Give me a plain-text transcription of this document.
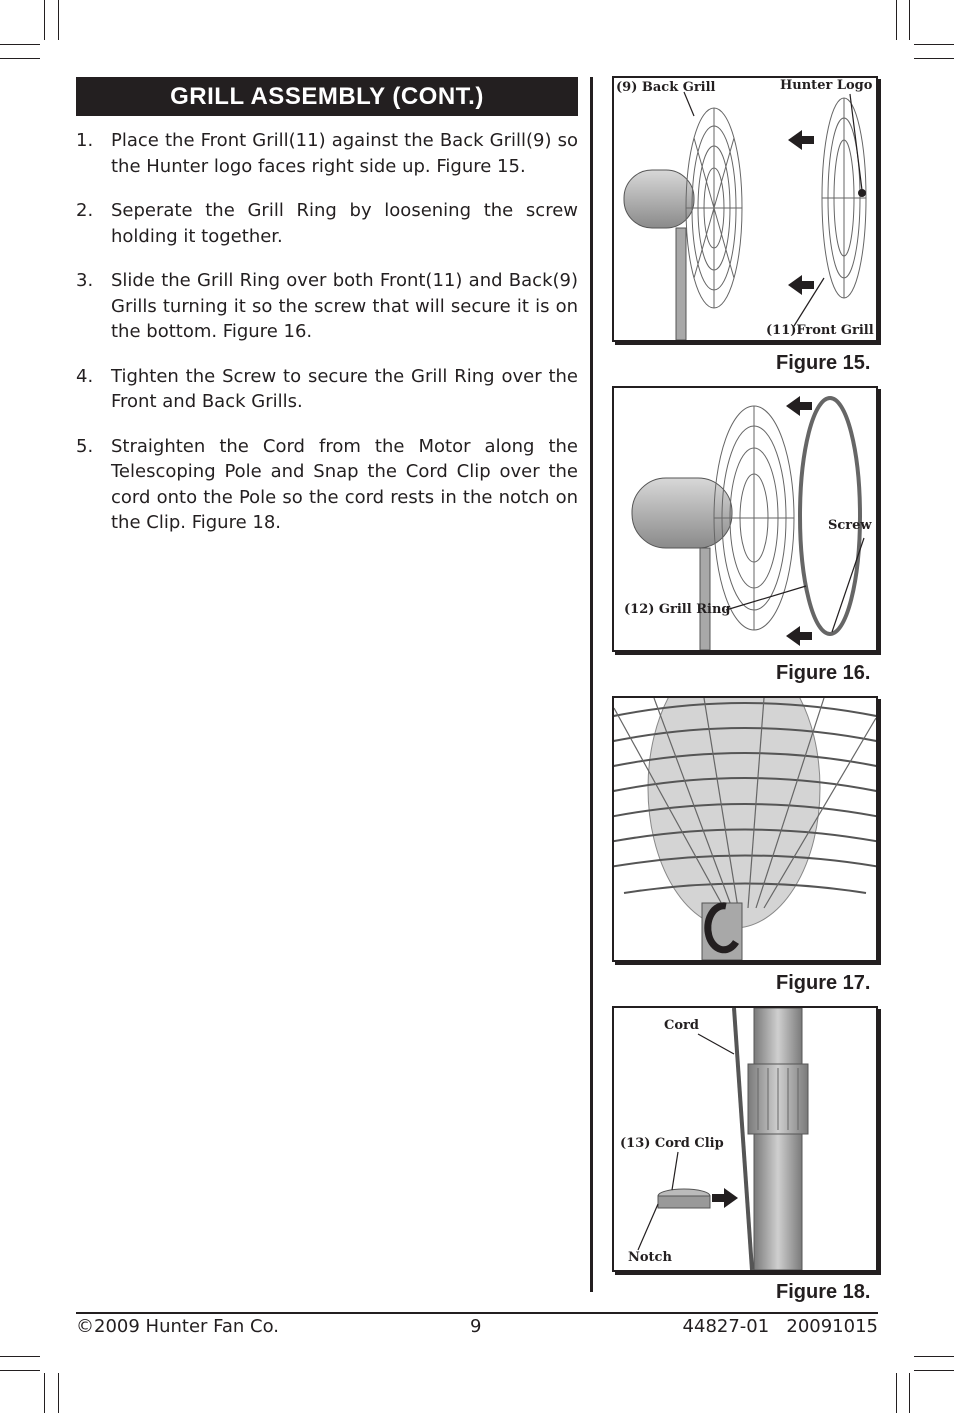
GRILL ASSEMBLY (CONT.)
1. Place the Front Grill(11) against the Back Grill(9) so the Hunter logo faces right side up. Figure 15.
2. Seperate the Grill Ring by loosening the screw holding it together.
3. Slide the Grill Ring over both Front(11) and Back(9) Grills turning it so the screw that will secure it is on the bottom. Figure 16.
4. Tighten the Screw to secure the Grill Ring over the Front and Back Grills.
5. Straighten the Cord from the Motor along the Telescoping Pole and Snap the Cord Clip over the cord onto the Pole so the cord rests in the notch on the Clip. Figure 18.
(9) Back Grill	Hunter Logo
(11)Front Grill
Figure 15.
Screw
(12) Grill Ring
Figure 16.
Figure 17.
Cord
(13) Cord Clip
Notch
Figure 18.
©2009 Hunter Fan Co.	9	44827-01   20091015
